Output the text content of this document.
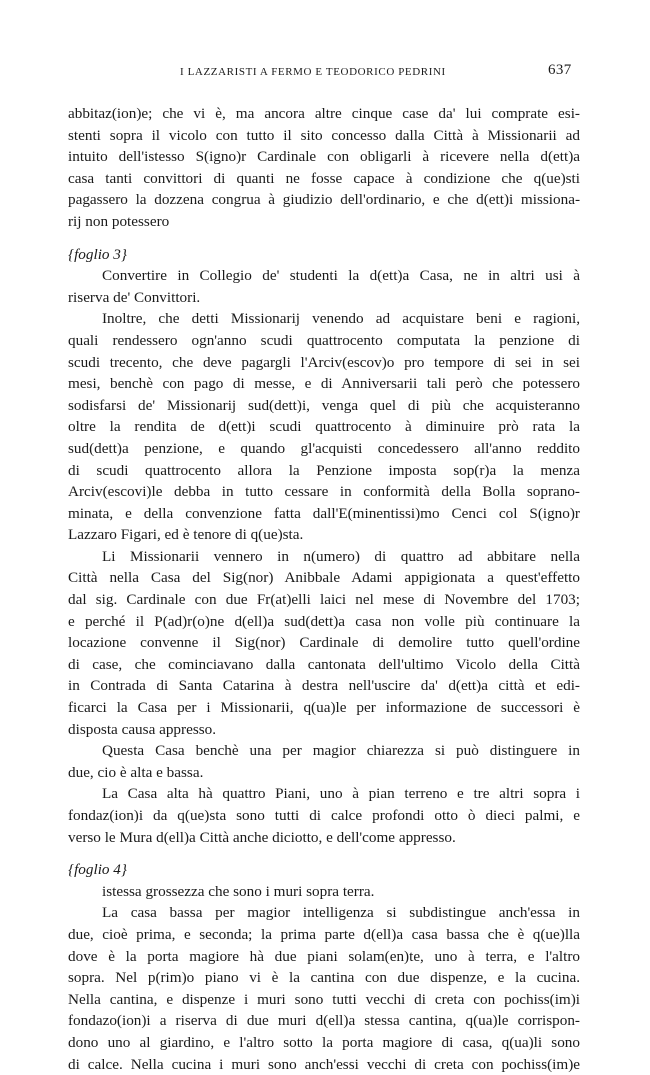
I LAZZARISTI A FERMO E TEODORICO PEDRINI	637
abbitaz(ion)e; che vi è, ma ancora altre cinque case da' lui comprate esi-
stenti sopra il vicolo con tutto il sito concesso dalla Città à Missionarii ad
intuito dell'istesso S(igno)r Cardinale con obligarli à ricevere nella d(ett)a
casa tanti convittori di quanti ne fosse capace à condizione che q(ue)sti
pagassero la dozzena congrua à giudizio dell'ordinario, e che d(ett)i missiona-
rij non potessero
{foglio 3}
Convertire in Collegio de' studenti la d(ett)a Casa, ne in altri usi à
riserva de' Convittori.
Inoltre, che detti Missionarij venendo ad acquistare beni e ragioni,
quali rendessero ogn'anno scudi quattrocento computata la penzione di
scudi trecento, che deve pagargli l'Arciv(escov)o pro tempore di sei in sei
mesi, benchè con pago di messe, e di Anniversarii tali però che potessero
sodisfarsi de' Missionarij sud(dett)i, venga quel di più che acquisteranno
oltre la rendita de d(ett)i scudi quattrocento à diminuire prò rata la
sud(dett)a penzione, e quando gl'acquisti concedessero all'anno reddito
di scudi quattrocento allora la Penzione imposta sop(r)a la menza
Arciv(escovi)le debba in tutto cessare in conformità della Bolla soprano-
minata, e della convenzione fatta dall'E(minentissi)mo Cenci col S(igno)r
Lazzaro Figari, ed è tenore di q(ue)sta.
Li Missionarii vennero in n(umero) di quattro ad abbitare nella
Città nella Casa del Sig(nor) Anibbale Adami appigionata a quest'effetto
dal sig. Cardinale con due Fr(at)elli laici nel mese di Novembre del 1703;
e perché il P(ad)r(o)ne d(ell)a sud(dett)a casa non volle più continuare la
locazione convenne il Sig(nor) Cardinale di demolire tutto quell'ordine
di case, che cominciavano dalla cantonata dell'ultimo Vicolo della Città
in Contrada di Santa Catarina à destra nell'uscire da' d(ett)a città et edi-
ficarci la Casa per i Missionarii, q(ua)le per informazione de successori è
disposta causa appresso.
Questa Casa benchè una per magior chiarezza si può distinguere in
due, cio è alta e bassa.
La Casa alta hà quattro Piani, uno à pian terreno e tre altri sopra i
fondaz(ion)i da q(ue)sta sono tutti di calce profondi otto ò dieci palmi, e
verso le Mura d(ell)a Città anche diciotto, e dell'come appresso.
{foglio 4}
istessa grossezza che sono i muri sopra terra.
La casa bassa per magior intelligenza si subdistingue anch'essa in
due, cioè prima, e seconda; la prima parte d(ell)a casa bassa che è q(ue)lla
dove è la porta magiore hà due piani solam(en)te, uno à terra, e l'altro
sopra. Nel p(rim)o piano vi è la cantina con due dispenze, e la cucina.
Nella cantina, e dispenze i muri sono tutti vecchi di creta con pochiss(im)i
fondazo(ion)i a riserva di due muri d(ell)a stessa cantina, q(ua)le corrispon-
dono uno al giardino, e l'altro sotto la porta magiore di casa, q(ua)li sono
di calce. Nella cucina i muri sono anch'essi vecchi di creta con pochiss(im)e
